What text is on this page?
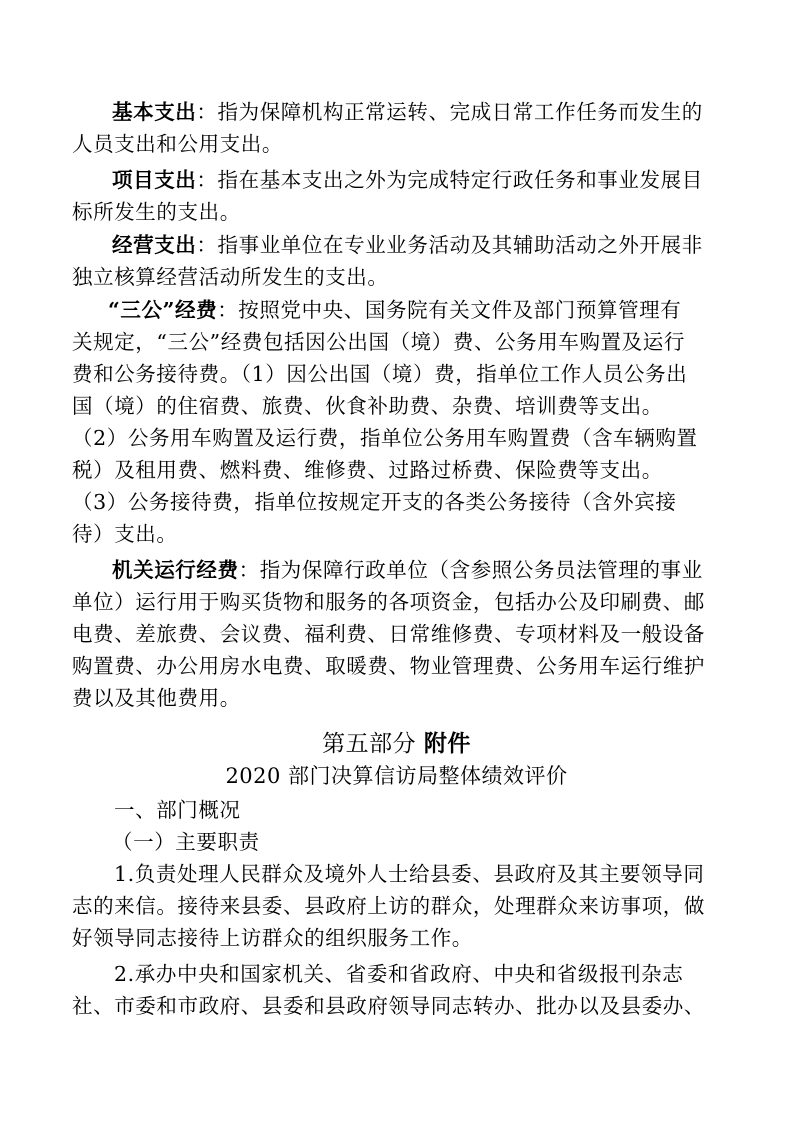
基本支出：指为保障机构正常运转、完成日常工作任务而发生的
人员支出和公用支出。
项目支出：指在基本支出之外为完成特定行政任务和事业发展目
标所发生的支出。
经营支出：指事业单位在专业业务活动及其辅助活动之外开展非
独立核算经营活动所发生的支出。
“三公”经费：按照党中央、国务院有关文件及部门预算管理有
关规定，“三公”经费包括因公出国（境）费、公务用车购置及运行
费和公务接待费。（1）因公出国（境）费，指单位工作人员公务出
国（境）的住宿费、旅费、伙食补助费、杂费、培训费等支出。
（2）公务用车购置及运行费，指单位公务用车购置费（含车辆购置
税）及租用费、燃料费、维修费、过路过桥费、保险费等支出。
（3）公务接待费，指单位按规定开支的各类公务接待（含外宾接
待）支出。
机关运行经费：指为保障行政单位（含参照公务员法管理的事业
单位）运行用于购买货物和服务的各项资金，包括办公及印刷费、邮
电费、差旅费、会议费、福利费、日常维修费、专项材料及一般设备
购置费、办公用房水电费、取暖费、物业管理费、公务用车运行维护
费以及其他费用。
第五部分 附件
2020 部门决算信访局整体绩效评价
一、部门概况
（一）主要职责
1.负责处理人民群众及境外人士给县委、县政府及其主要领导同
志的来信。接待来县委、县政府上访的群众，处理群众来访事项，做
好领导同志接待上访群众的组织服务工作。
2.承办中央和国家机关、省委和省政府、中央和省级报刊杂志
社、市委和市政府、县委和县政府领导同志转办、批办以及县委办、
